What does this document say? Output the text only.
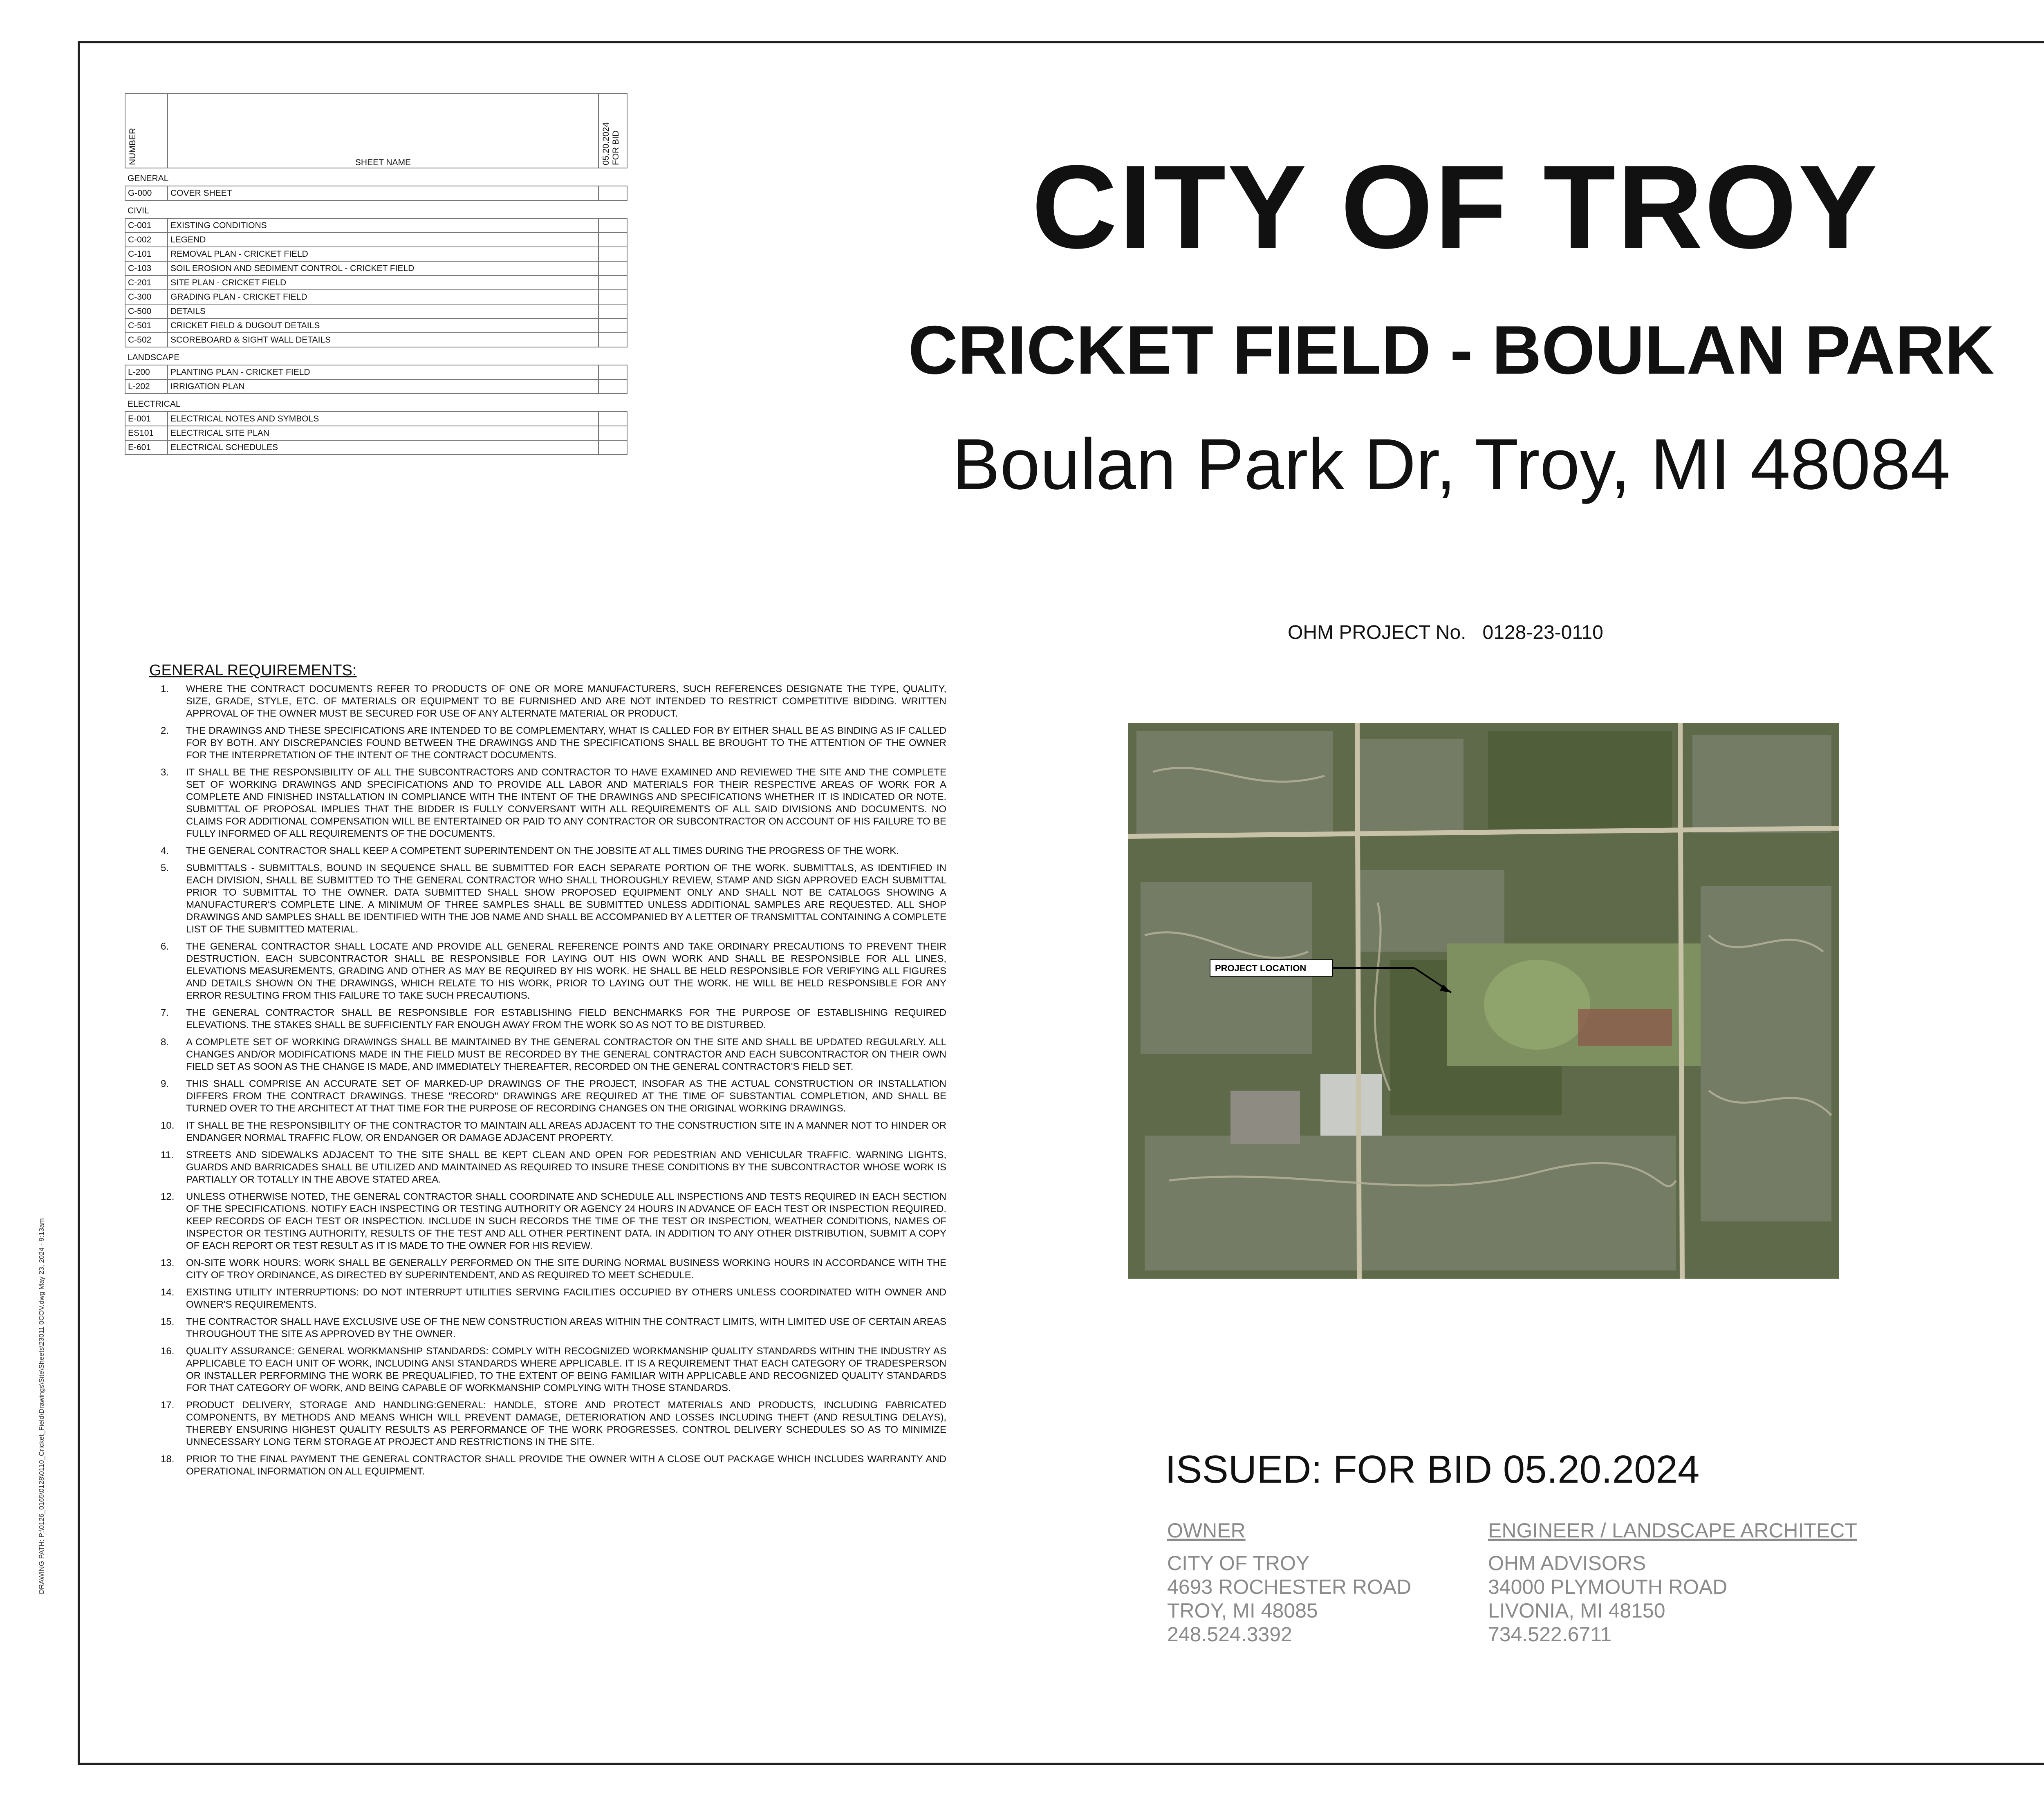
NUMBER	SHEET NAME	05.20.2024
FOR BID
GENERAL		
G-000	COVER SHEET	
CIVIL		
C-001	EXISTING CONDITIONS	
C-002	LEGEND	
C-101	REMOVAL PLAN - CRICKET FIELD	
C-103	SOIL EROSION AND SEDIMENT CONTROL - CRICKET FIELD	
C-201	SITE PLAN - CRICKET FIELD	
C-300	GRADING PLAN - CRICKET FIELD	
C-500	DETAILS	
C-501	CRICKET FIELD & DUGOUT DETAILS	
C-502	SCOREBOARD & SIGHT WALL DETAILS	
LANDSCAPE		
L-200	PLANTING PLAN - CRICKET FIELD	
L-202	IRRIGATION PLAN	
ELECTRICAL		
E-001	ELECTRICAL NOTES AND SYMBOLS	
ES101	ELECTRICAL SITE PLAN	
E-601	ELECTRICAL SCHEDULES	
CITY OF TROY
CRICKET FIELD - BOULAN PARK
Boulan Park Dr, Troy, MI 48084
OHM PROJECT No. 0128-23-0110
GENERAL REQUIREMENTS:
1.	WHERE THE CONTRACT DOCUMENTS REFER TO PRODUCTS OF ONE OR MORE MANUFACTURERS, SUCH REFERENCES DESIGNATE THE TYPE, QUALITY, SIZE, GRADE, STYLE, ETC. OF MATERIALS OR EQUIPMENT TO BE FURNISHED AND ARE NOT INTENDED TO RESTRICT COMPETITIVE BIDDING. WRITTEN APPROVAL OF THE OWNER MUST BE SECURED FOR USE OF ANY ALTERNATE MATERIAL OR PRODUCT.
2.	THE DRAWINGS AND THESE SPECIFICATIONS ARE INTENDED TO BE COMPLEMENTARY, WHAT IS CALLED FOR BY EITHER SHALL BE AS BINDING AS IF CALLED FOR BY BOTH. ANY DISCREPANCIES FOUND BETWEEN THE DRAWINGS AND THE SPECIFICATIONS SHALL BE BROUGHT TO THE ATTENTION OF THE OWNER FOR THE INTERPRETATION OF THE INTENT OF THE CONTRACT DOCUMENTS.
3.	IT SHALL BE THE RESPONSIBILITY OF ALL THE SUBCONTRACTORS AND CONTRACTOR TO HAVE EXAMINED AND REVIEWED THE SITE AND THE COMPLETE SET OF WORKING DRAWINGS AND SPECIFICATIONS AND TO PROVIDE ALL LABOR AND MATERIALS FOR THEIR RESPECTIVE AREAS OF WORK FOR A COMPLETE AND FINISHED INSTALLATION IN COMPLIANCE WITH THE INTENT OF THE DRAWINGS AND SPECIFICATIONS WHETHER IT IS INDICATED OR NOTE. SUBMITTAL OF PROPOSAL IMPLIES THAT THE BIDDER IS FULLY CONVERSANT WITH ALL REQUIREMENTS OF ALL SAID DIVISIONS AND DOCUMENTS. NO CLAIMS FOR ADDITIONAL COMPENSATION WILL BE ENTERTAINED OR PAID TO ANY CONTRACTOR OR SUBCONTRACTOR ON ACCOUNT OF HIS FAILURE TO BE FULLY INFORMED OF ALL REQUIREMENTS OF THE DOCUMENTS.
4.	THE GENERAL CONTRACTOR SHALL KEEP A COMPETENT SUPERINTENDENT ON THE JOBSITE AT ALL TIMES DURING THE PROGRESS OF THE WORK.
5.	SUBMITTALS - SUBMITTALS, BOUND IN SEQUENCE SHALL BE SUBMITTED FOR EACH SEPARATE PORTION OF THE WORK. SUBMITTALS, AS IDENTIFIED IN EACH DIVISION, SHALL BE SUBMITTED TO THE GENERAL CONTRACTOR WHO SHALL THOROUGHLY REVIEW, STAMP AND SIGN APPROVED EACH SUBMITTAL PRIOR TO SUBMITTAL TO THE OWNER. DATA SUBMITTED SHALL SHOW PROPOSED EQUIPMENT ONLY AND SHALL NOT BE CATALOGS SHOWING A MANUFACTURER'S COMPLETE LINE. A MINIMUM OF THREE SAMPLES SHALL BE SUBMITTED UNLESS ADDITIONAL SAMPLES ARE REQUESTED. ALL SHOP DRAWINGS AND SAMPLES SHALL BE IDENTIFIED WITH THE JOB NAME AND SHALL BE ACCOMPANIED BY A LETTER OF TRANSMITTAL CONTAINING A COMPLETE LIST OF THE SUBMITTED MATERIAL.
6.	THE GENERAL CONTRACTOR SHALL LOCATE AND PROVIDE ALL GENERAL REFERENCE POINTS AND TAKE ORDINARY PRECAUTIONS TO PREVENT THEIR DESTRUCTION. EACH SUBCONTRACTOR SHALL BE RESPONSIBLE FOR LAYING OUT HIS OWN WORK AND SHALL BE RESPONSIBLE FOR ALL LINES, ELEVATIONS MEASUREMENTS, GRADING AND OTHER AS MAY BE REQUIRED BY HIS WORK. HE SHALL BE HELD RESPONSIBLE FOR VERIFYING ALL FIGURES AND DETAILS SHOWN ON THE DRAWINGS, WHICH RELATE TO HIS WORK, PRIOR TO LAYING OUT THE WORK. HE WILL BE HELD RESPONSIBLE FOR ANY ERROR RESULTING FROM THIS FAILURE TO TAKE SUCH PRECAUTIONS.
7.	THE GENERAL CONTRACTOR SHALL BE RESPONSIBLE FOR ESTABLISHING FIELD BENCHMARKS FOR THE PURPOSE OF ESTABLISHING REQUIRED ELEVATIONS. THE STAKES SHALL BE SUFFICIENTLY FAR ENOUGH AWAY FROM THE WORK SO AS NOT TO BE DISTURBED.
8.	A COMPLETE SET OF WORKING DRAWINGS SHALL BE MAINTAINED BY THE GENERAL CONTRACTOR ON THE SITE AND SHALL BE UPDATED REGULARLY. ALL CHANGES AND/OR MODIFICATIONS MADE IN THE FIELD MUST BE RECORDED BY THE GENERAL CONTRACTOR AND EACH SUBCONTRACTOR ON THEIR OWN FIELD SET AS SOON AS THE CHANGE IS MADE, AND IMMEDIATELY THEREAFTER, RECORDED ON THE GENERAL CONTRACTOR'S FIELD SET.
9.	THIS SHALL COMPRISE AN ACCURATE SET OF MARKED-UP DRAWINGS OF THE PROJECT, INSOFAR AS THE ACTUAL CONSTRUCTION OR INSTALLATION DIFFERS FROM THE CONTRACT DRAWINGS. THESE "RECORD" DRAWINGS ARE REQUIRED AT THE TIME OF SUBSTANTIAL COMPLETION, AND SHALL BE TURNED OVER TO THE ARCHITECT AT THAT TIME FOR THE PURPOSE OF RECORDING CHANGES ON THE ORIGINAL WORKING DRAWINGS.
10.	IT SHALL BE THE RESPONSIBILITY OF THE CONTRACTOR TO MAINTAIN ALL AREAS ADJACENT TO THE CONSTRUCTION SITE IN A MANNER NOT TO HINDER OR ENDANGER NORMAL TRAFFIC FLOW, OR ENDANGER OR DAMAGE ADJACENT PROPERTY.
11.	STREETS AND SIDEWALKS ADJACENT TO THE SITE SHALL BE KEPT CLEAN AND OPEN FOR PEDESTRIAN AND VEHICULAR TRAFFIC. WARNING LIGHTS, GUARDS AND BARRICADES SHALL BE UTILIZED AND MAINTAINED AS REQUIRED TO INSURE THESE CONDITIONS BY THE SUBCONTRACTOR WHOSE WORK IS PARTIALLY OR TOTALLY IN THE ABOVE STATED AREA.
12.	UNLESS OTHERWISE NOTED, THE GENERAL CONTRACTOR SHALL COORDINATE AND SCHEDULE ALL INSPECTIONS AND TESTS REQUIRED IN EACH SECTION OF THE SPECIFICATIONS. NOTIFY EACH INSPECTING OR TESTING AUTHORITY OR AGENCY 24 HOURS IN ADVANCE OF EACH TEST OR INSPECTION REQUIRED. KEEP RECORDS OF EACH TEST OR INSPECTION. INCLUDE IN SUCH RECORDS THE TIME OF THE TEST OR INSPECTION, WEATHER CONDITIONS, NAMES OF INSPECTOR OR TESTING AUTHORITY, RESULTS OF THE TEST AND ALL OTHER PERTINENT DATA. IN ADDITION TO ANY OTHER DISTRIBUTION, SUBMIT A COPY OF EACH REPORT OR TEST RESULT AS IT IS MADE TO THE OWNER FOR HIS REVIEW.
13.	ON-SITE WORK HOURS: WORK SHALL BE GENERALLY PERFORMED ON THE SITE DURING NORMAL BUSINESS WORKING HOURS IN ACCORDANCE WITH THE CITY OF TROY ORDINANCE, AS DIRECTED BY SUPERINTENDENT, AND AS REQUIRED TO MEET SCHEDULE.
14.	EXISTING UTILITY INTERRUPTIONS: DO NOT INTERRUPT UTILITIES SERVING FACILITIES OCCUPIED BY OTHERS UNLESS COORDINATED WITH OWNER AND OWNER'S REQUIREMENTS.
15.	THE CONTRACTOR SHALL HAVE EXCLUSIVE USE OF THE NEW CONSTRUCTION AREAS WITHIN THE CONTRACT LIMITS, WITH LIMITED USE OF CERTAIN AREAS THROUGHOUT THE SITE AS APPROVED BY THE OWNER.
16.	QUALITY ASSURANCE: GENERAL WORKMANSHIP STANDARDS: COMPLY WITH RECOGNIZED WORKMANSHIP QUALITY STANDARDS WITHIN THE INDUSTRY AS APPLICABLE TO EACH UNIT OF WORK, INCLUDING ANSI STANDARDS WHERE APPLICABLE. IT IS A REQUIREMENT THAT EACH CATEGORY OF TRADESPERSON OR INSTALLER PERFORMING THE WORK BE PREQUALIFIED, TO THE EXTENT OF BEING FAMILIAR WITH APPLICABLE AND RECOGNIZED QUALITY STANDARDS FOR THAT CATEGORY OF WORK, AND BEING CAPABLE OF WORKMANSHIP COMPLYING WITH THOSE STANDARDS.
17.	PRODUCT DELIVERY, STORAGE AND HANDLING:GENERAL: HANDLE, STORE AND PROTECT MATERIALS AND PRODUCTS, INCLUDING FABRICATED COMPONENTS, BY METHODS AND MEANS WHICH WILL PREVENT DAMAGE, DETERIORATION AND LOSSES INCLUDING THEFT (AND RESULTING DELAYS), THEREBY ENSURING HIGHEST QUALITY RESULTS AS PERFORMANCE OF THE WORK PROGRESSES. CONTROL DELIVERY SCHEDULES SO AS TO MINIMIZE UNNECESSARY LONG TERM STORAGE AT PROJECT AND RESTRICTIONS IN THE SITE.
18.	PRIOR TO THE FINAL PAYMENT THE GENERAL CONTRACTOR SHALL PROVIDE THE OWNER WITH A CLOSE OUT PACKAGE WHICH INCLUDES WARRANTY AND OPERATIONAL INFORMATION ON ALL EQUIPMENT.
PROJECT LOCATION
ISSUED: FOR BID 05.20.2024
OWNER
CITY OF TROY
4693 ROCHESTER ROAD
TROY, MI 48085
248.524.3392
ENGINEER / LANDSCAPE ARCHITECT
OHM ADVISORS
34000 PLYMOUTH ROAD
LIVONIA, MI 48150
734.522.6711
DRAWING PATH: P:\0126_0165\0128\0110_Cricket_Field\Drawings\Site\Sheets\23011 0COV.dwg May 23, 2024 - 9:13am
